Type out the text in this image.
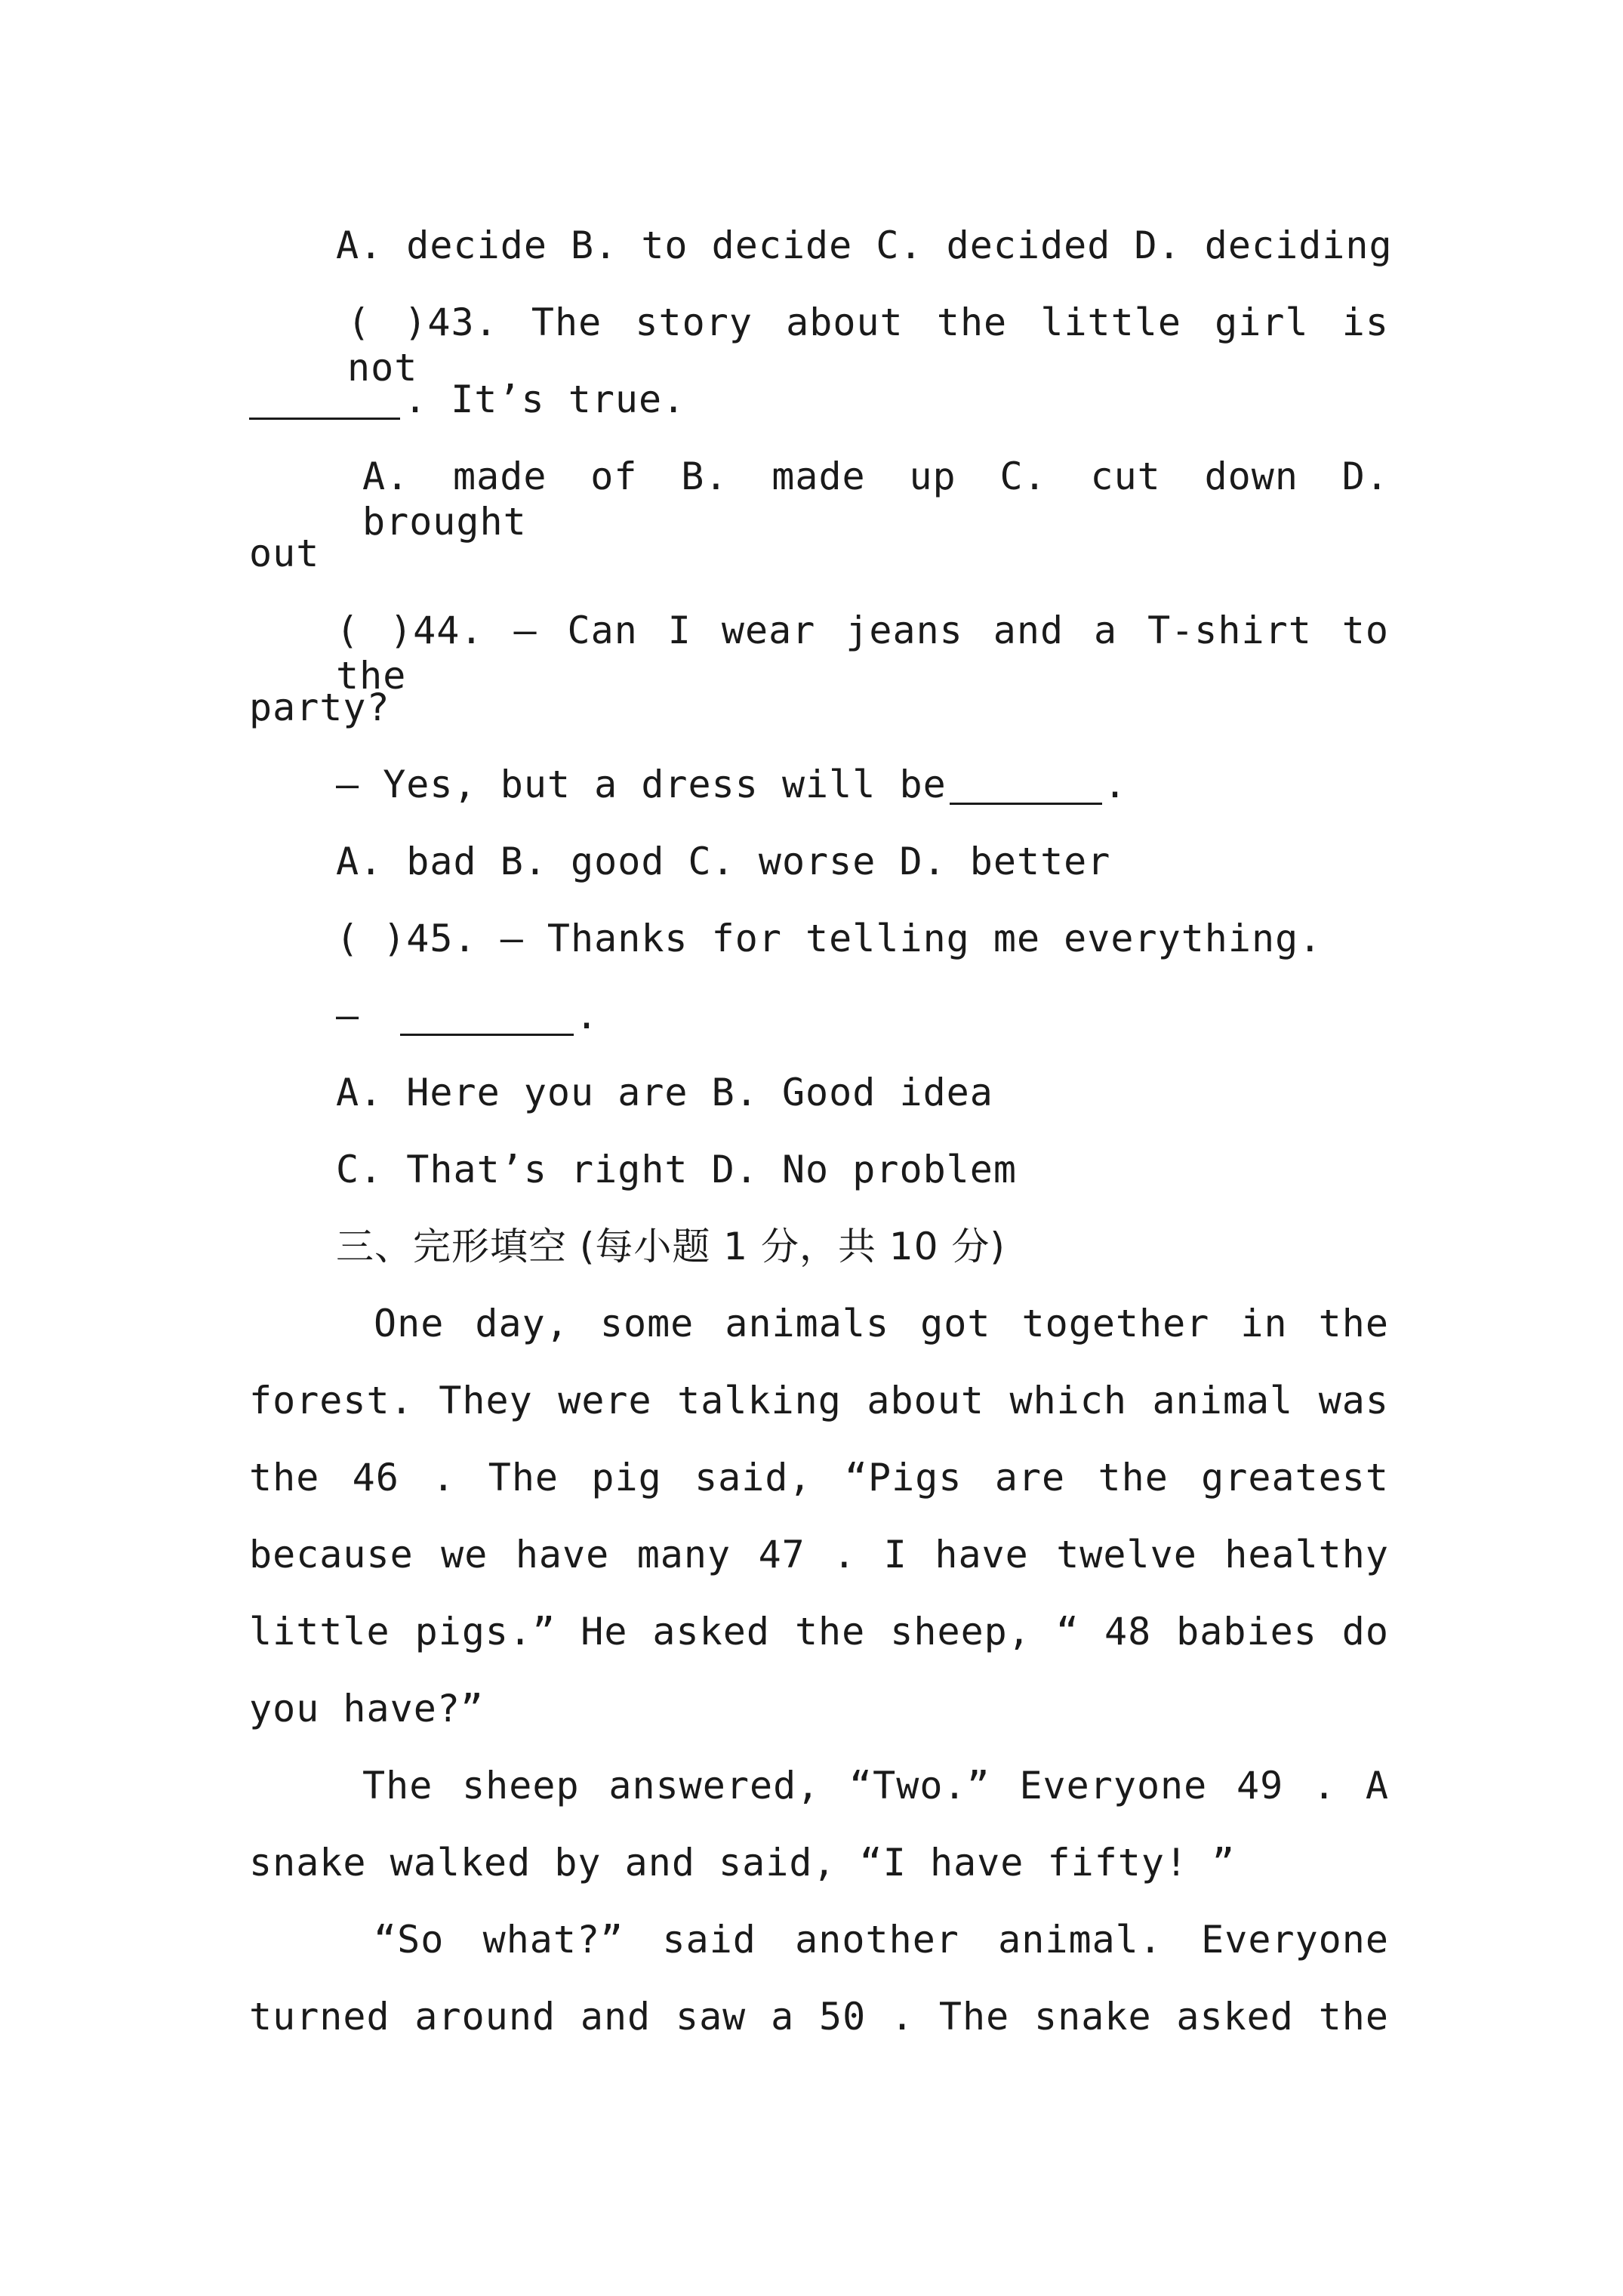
A. decide B. to decide C. decided D. deciding
( )43. The story about the little girl is not
. It’s true.
A. made of B. made up C. cut down D. brought
out
( )44. — Can I wear jeans and a T-shirt to the
party?
— Yes, but a dress will be	.
A. bad B. good C. worse D. better
( )45. — Thanks for telling me everything.
—	.
A. Here you are B. Good idea
C. That’s right D. No problem
三、完形填空 (每小题 1 分，共 10 分)
One day, some animals got together in the
forest. They were talking about which animal was
the 46 . The pig said, “Pigs are the greatest
because we have many 47 . I have twelve healthy
little pigs.” He asked the sheep, “ 48 babies do
you have?”
The sheep answered, “Two.” Everyone 49 . A
snake walked by and said, “I have fifty! ”
“So what?” said another animal. Everyone
turned around and saw a 50 . The snake asked the
